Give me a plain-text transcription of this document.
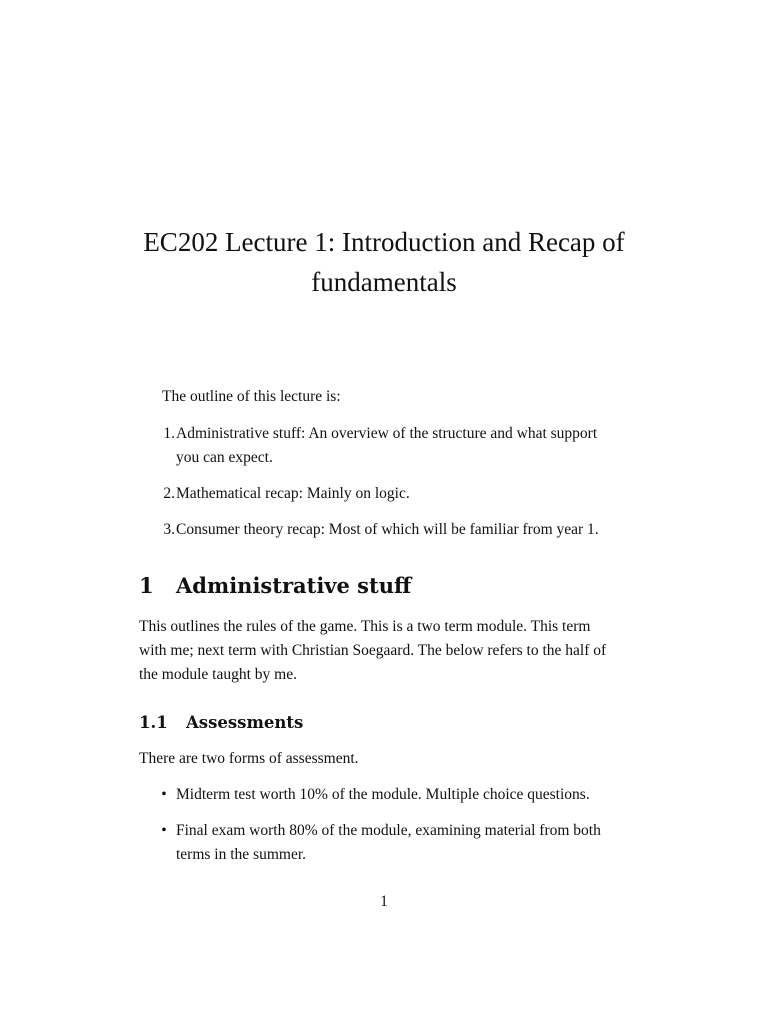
EC202 Lecture 1: Introduction and Recap of
fundamentals

The outline of this lecture is:

1. Administrative stuff: An overview of the structure and what support
you can expect.
2. Mathematical recap: Mainly on logic.
3. Consumer theory recap: Most of which will be familiar from year 1.
1 Administrative stuff

This outlines the rules of the game. This is a two term module. This term
with me; next term with Christian Soegaard. The below refers to the half of
the module taught by me.

1.1 Assessments

There are two forms of assessment.

• Midterm test worth 10% of the module. Multiple choice questions.
• Final exam worth 80% of the module, examining material from both
terms in the summer.

1
